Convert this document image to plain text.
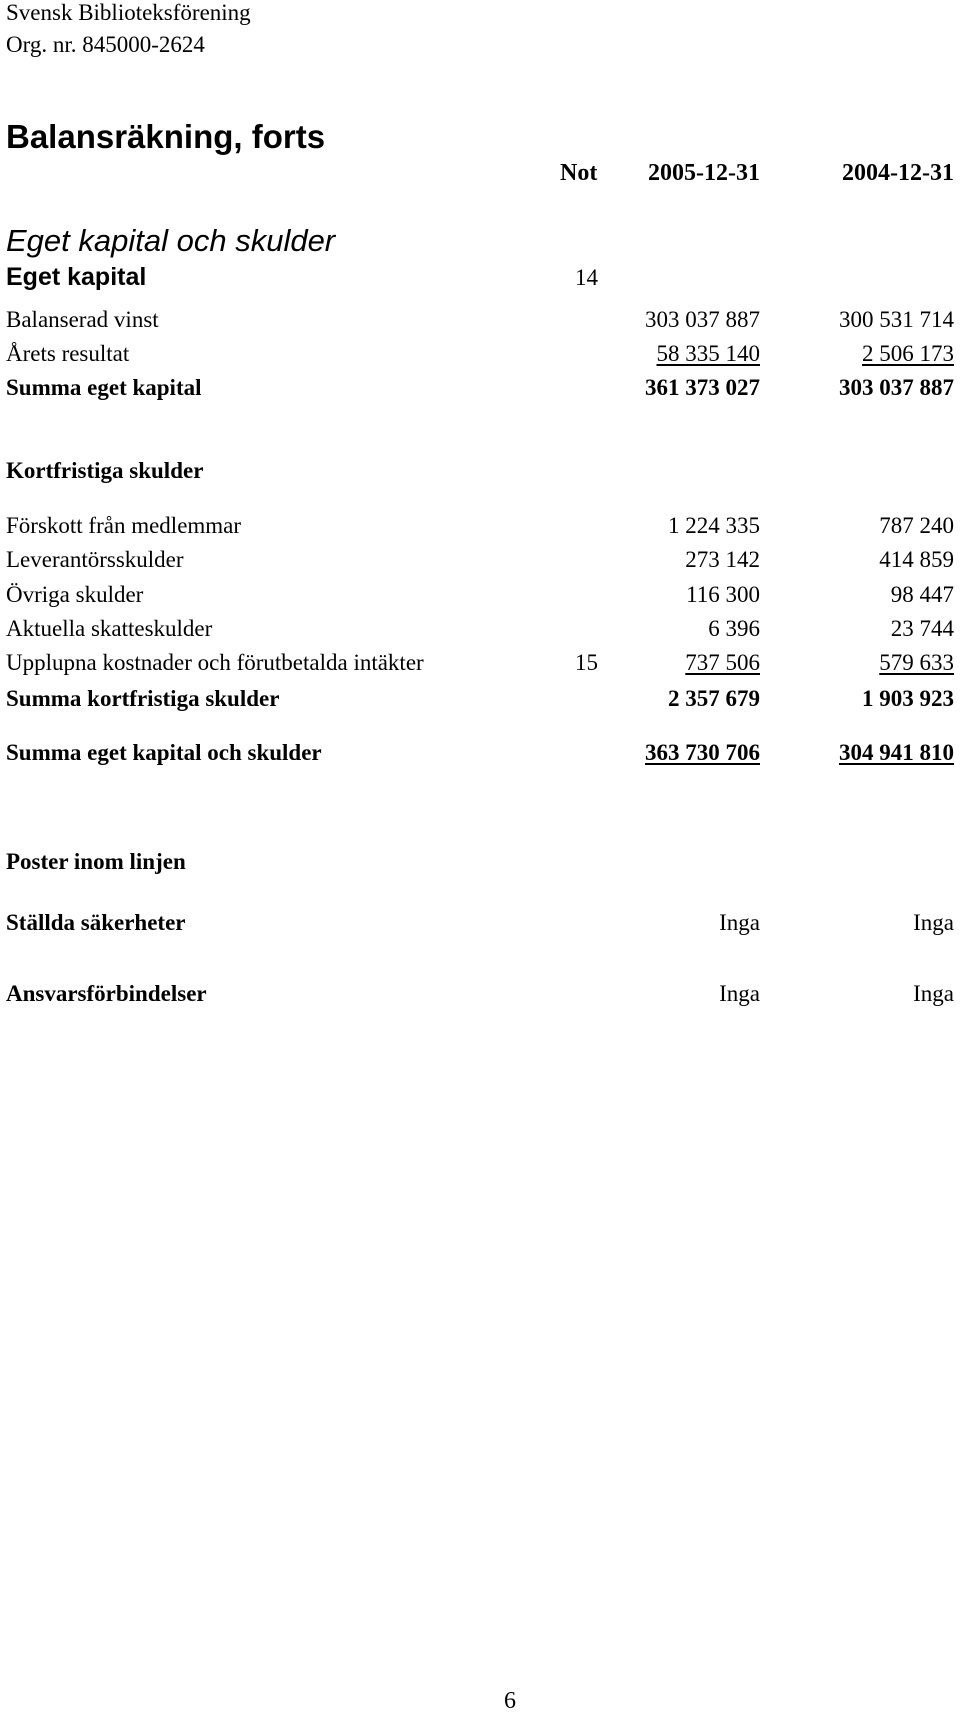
Svensk Biblioteksförening
Org. nr. 845000-2624
Balansräkning, forts
Not 2005-12-31	2004-12-31
Eget kapital och skulder
Eget kapital	14
Balanserad vinst	303 037 887	300 531 714
Årets resultat	58 335 140	2 506 173
Summa eget kapital	361 373 027	303 037 887
Kortfristiga skulder
Förskott från medlemmar	1 224 335	787 240
Leverantörsskulder	273 142	414 859
Övriga skulder	116 300	98 447
Aktuella skatteskulder	6 396	23 744
Upplupna kostnader och förutbetalda intäkter	15	737 506	579 633
Summa kortfristiga skulder	2 357 679	1 903 923
Summa eget kapital och skulder	363 730 706	304 941 810
Poster inom linjen
Ställda säkerheter	Inga	Inga
Ansvarsförbindelser	Inga	Inga
6
